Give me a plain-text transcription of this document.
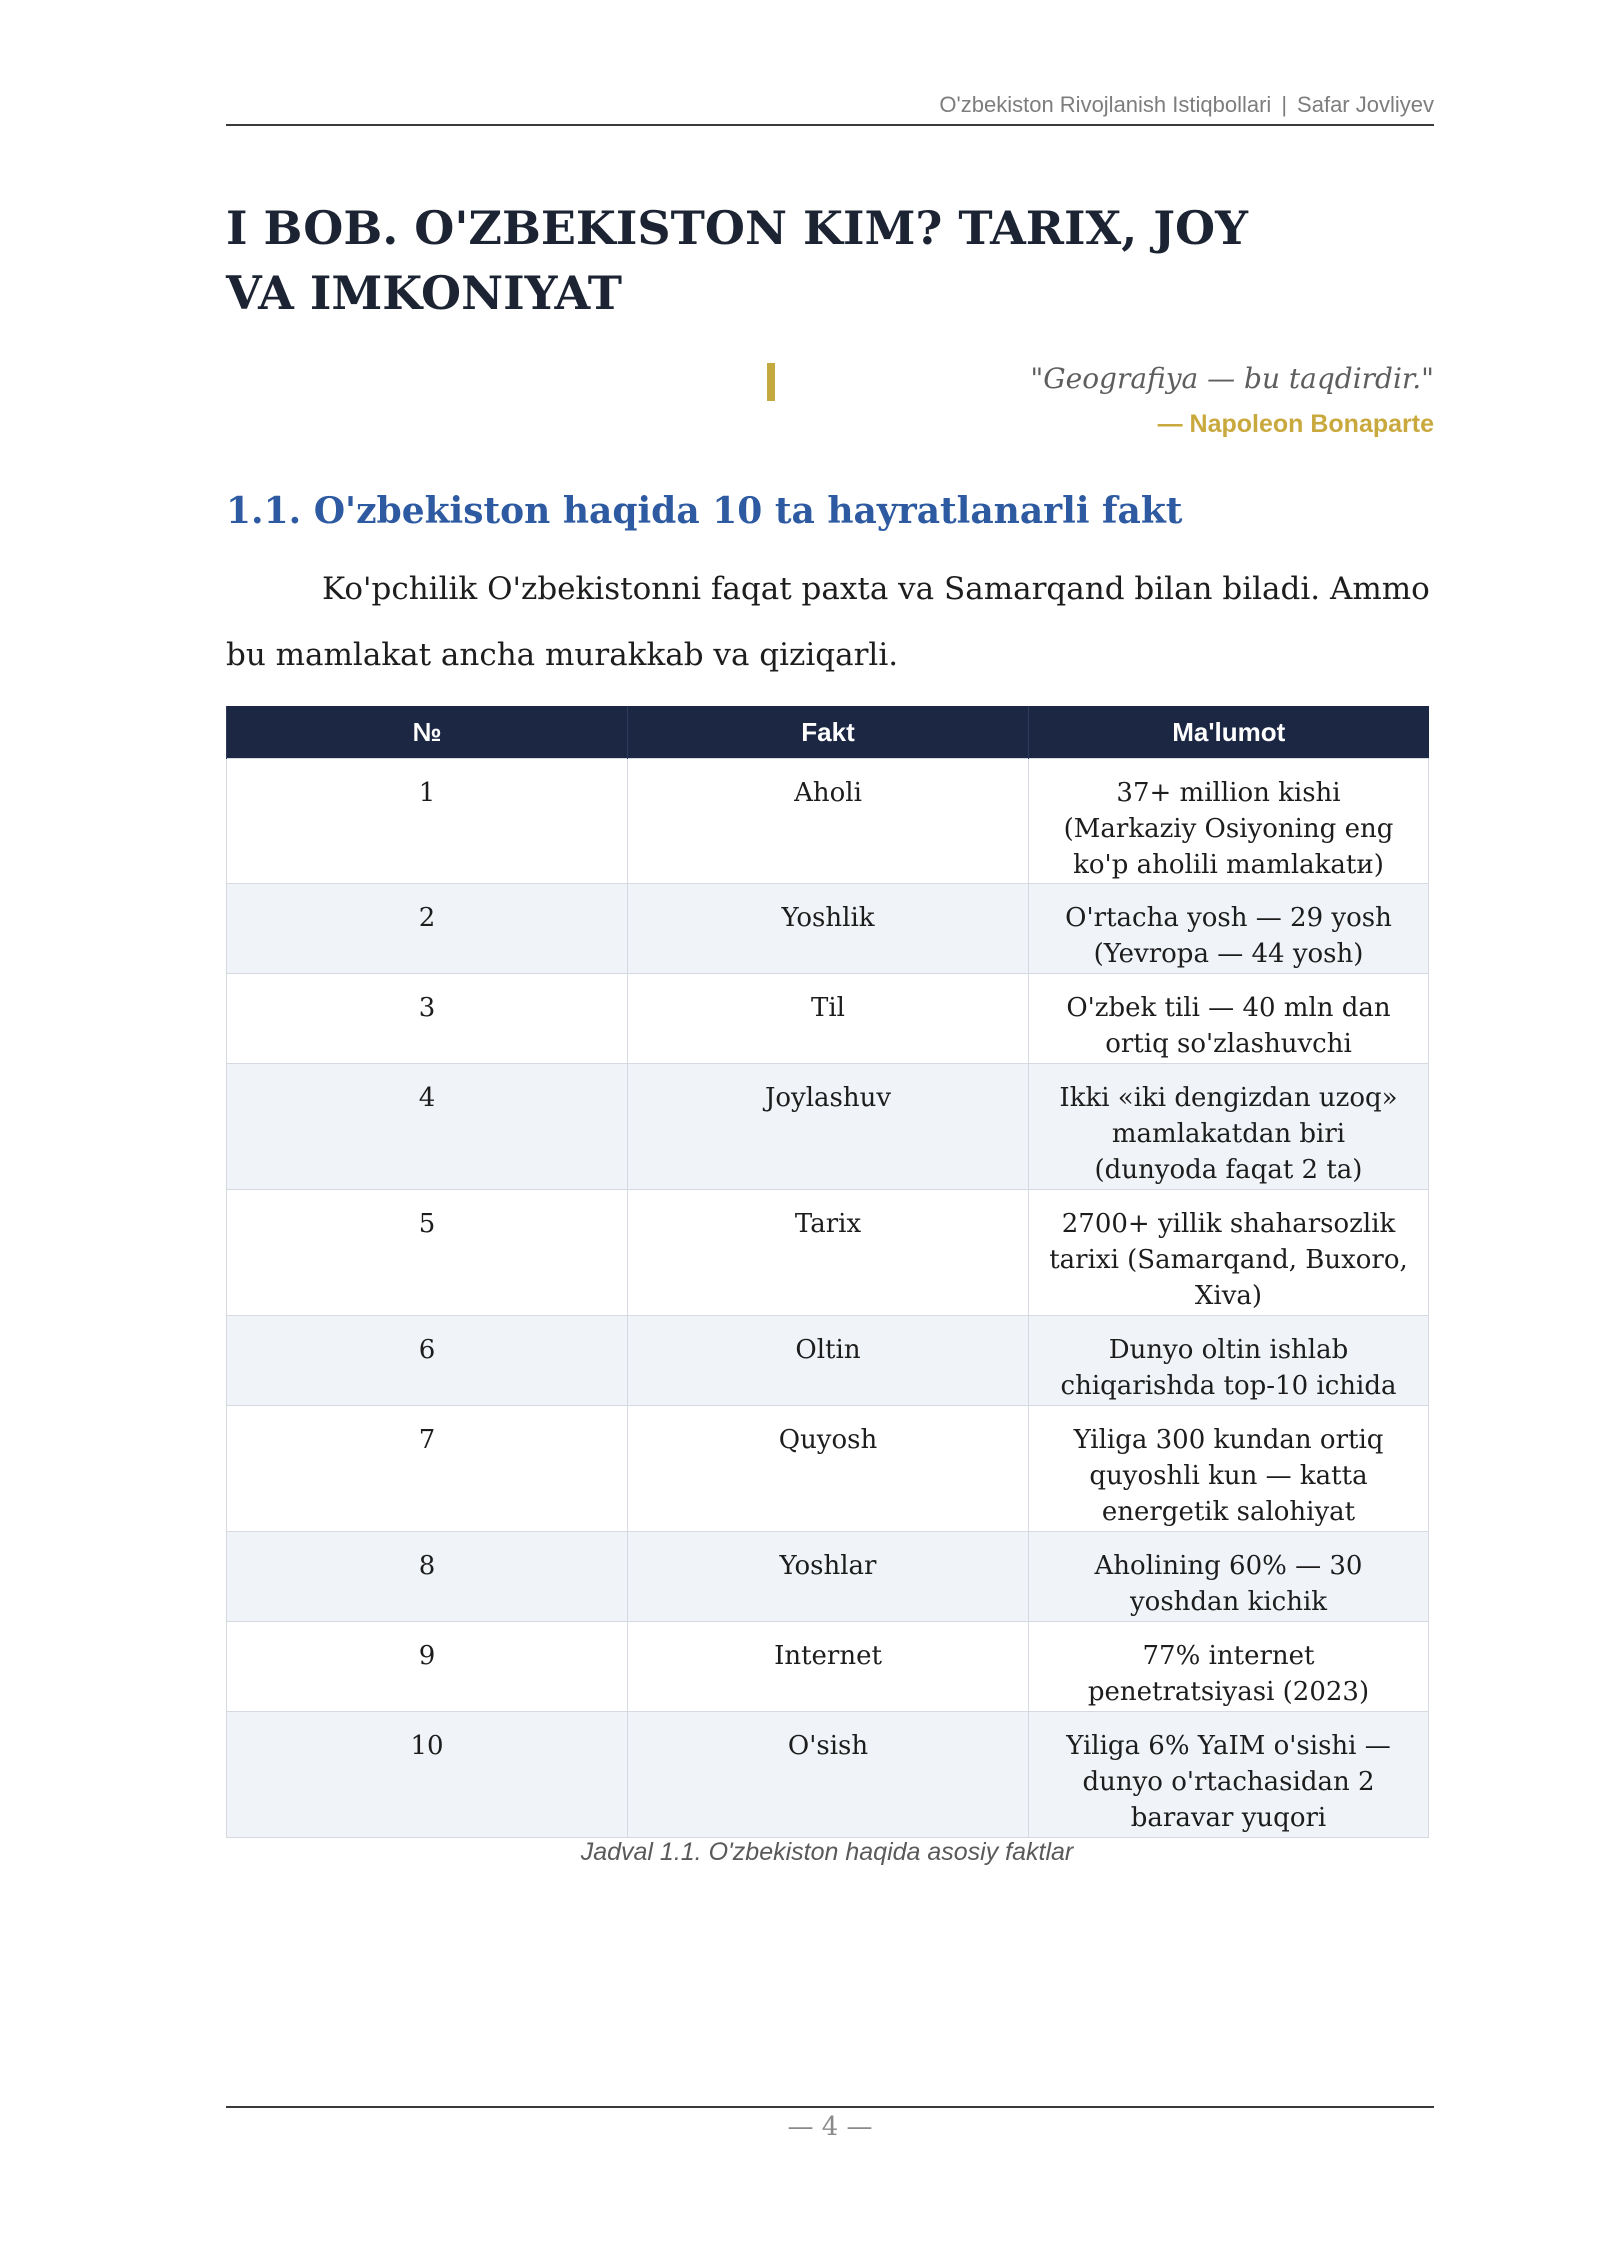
O'zbekiston Rivojlanish Istiqbollari | Safar Jovliyev
I BOB. O'ZBEKISTON KIM? TARIX, JOY VA IMKONIYAT
"Geografiya — bu taqdirdir."
— Napoleon Bonaparte
1.1. O'zbekiston haqida 10 ta hayratlanarli fakt

Ko'pchilik O'zbekistonni faqat paxta va Samarqand bilan biladi. Ammo bu mamlakat ancha murakkab va qiziqarli.

№	Fakt	Ma'lumot
1	Aholi	37+ million kishi (Markaziy Osiyoning eng ko'p aholili mamlakatи)
2	Yoshlik	O'rtacha yosh — 29 yosh (Yevropa — 44 yosh)
3	Til	O'zbek tili — 40 mln dan ortiq so'zlashuvchi
4	Joylashuv	Ikki «iki dengizdan uzoq» mamlakatdan biri (dunyoda faqat 2 ta)
5	Tarix	2700+ yillik shaharsozlik tarixi (Samarqand, Buxoro, Xiva)
6	Oltin	Dunyo oltin ishlab chiqarishda top-10 ichida
7	Quyosh	Yiliga 300 kundan ortiq quyoshli kun — katta energetik salohiyat
8	Yoshlar	Aholining 60% — 30 yoshdan kichik
9	Internet	77% internet penetratsiyasi (2023)
10	O'sish	Yiliga 6% YaIM o'sishi — dunyo o'rtachasidan 2 baravar yuqori
Jadval 1.1. O'zbekiston haqida asosiy faktlar
— 4 —
